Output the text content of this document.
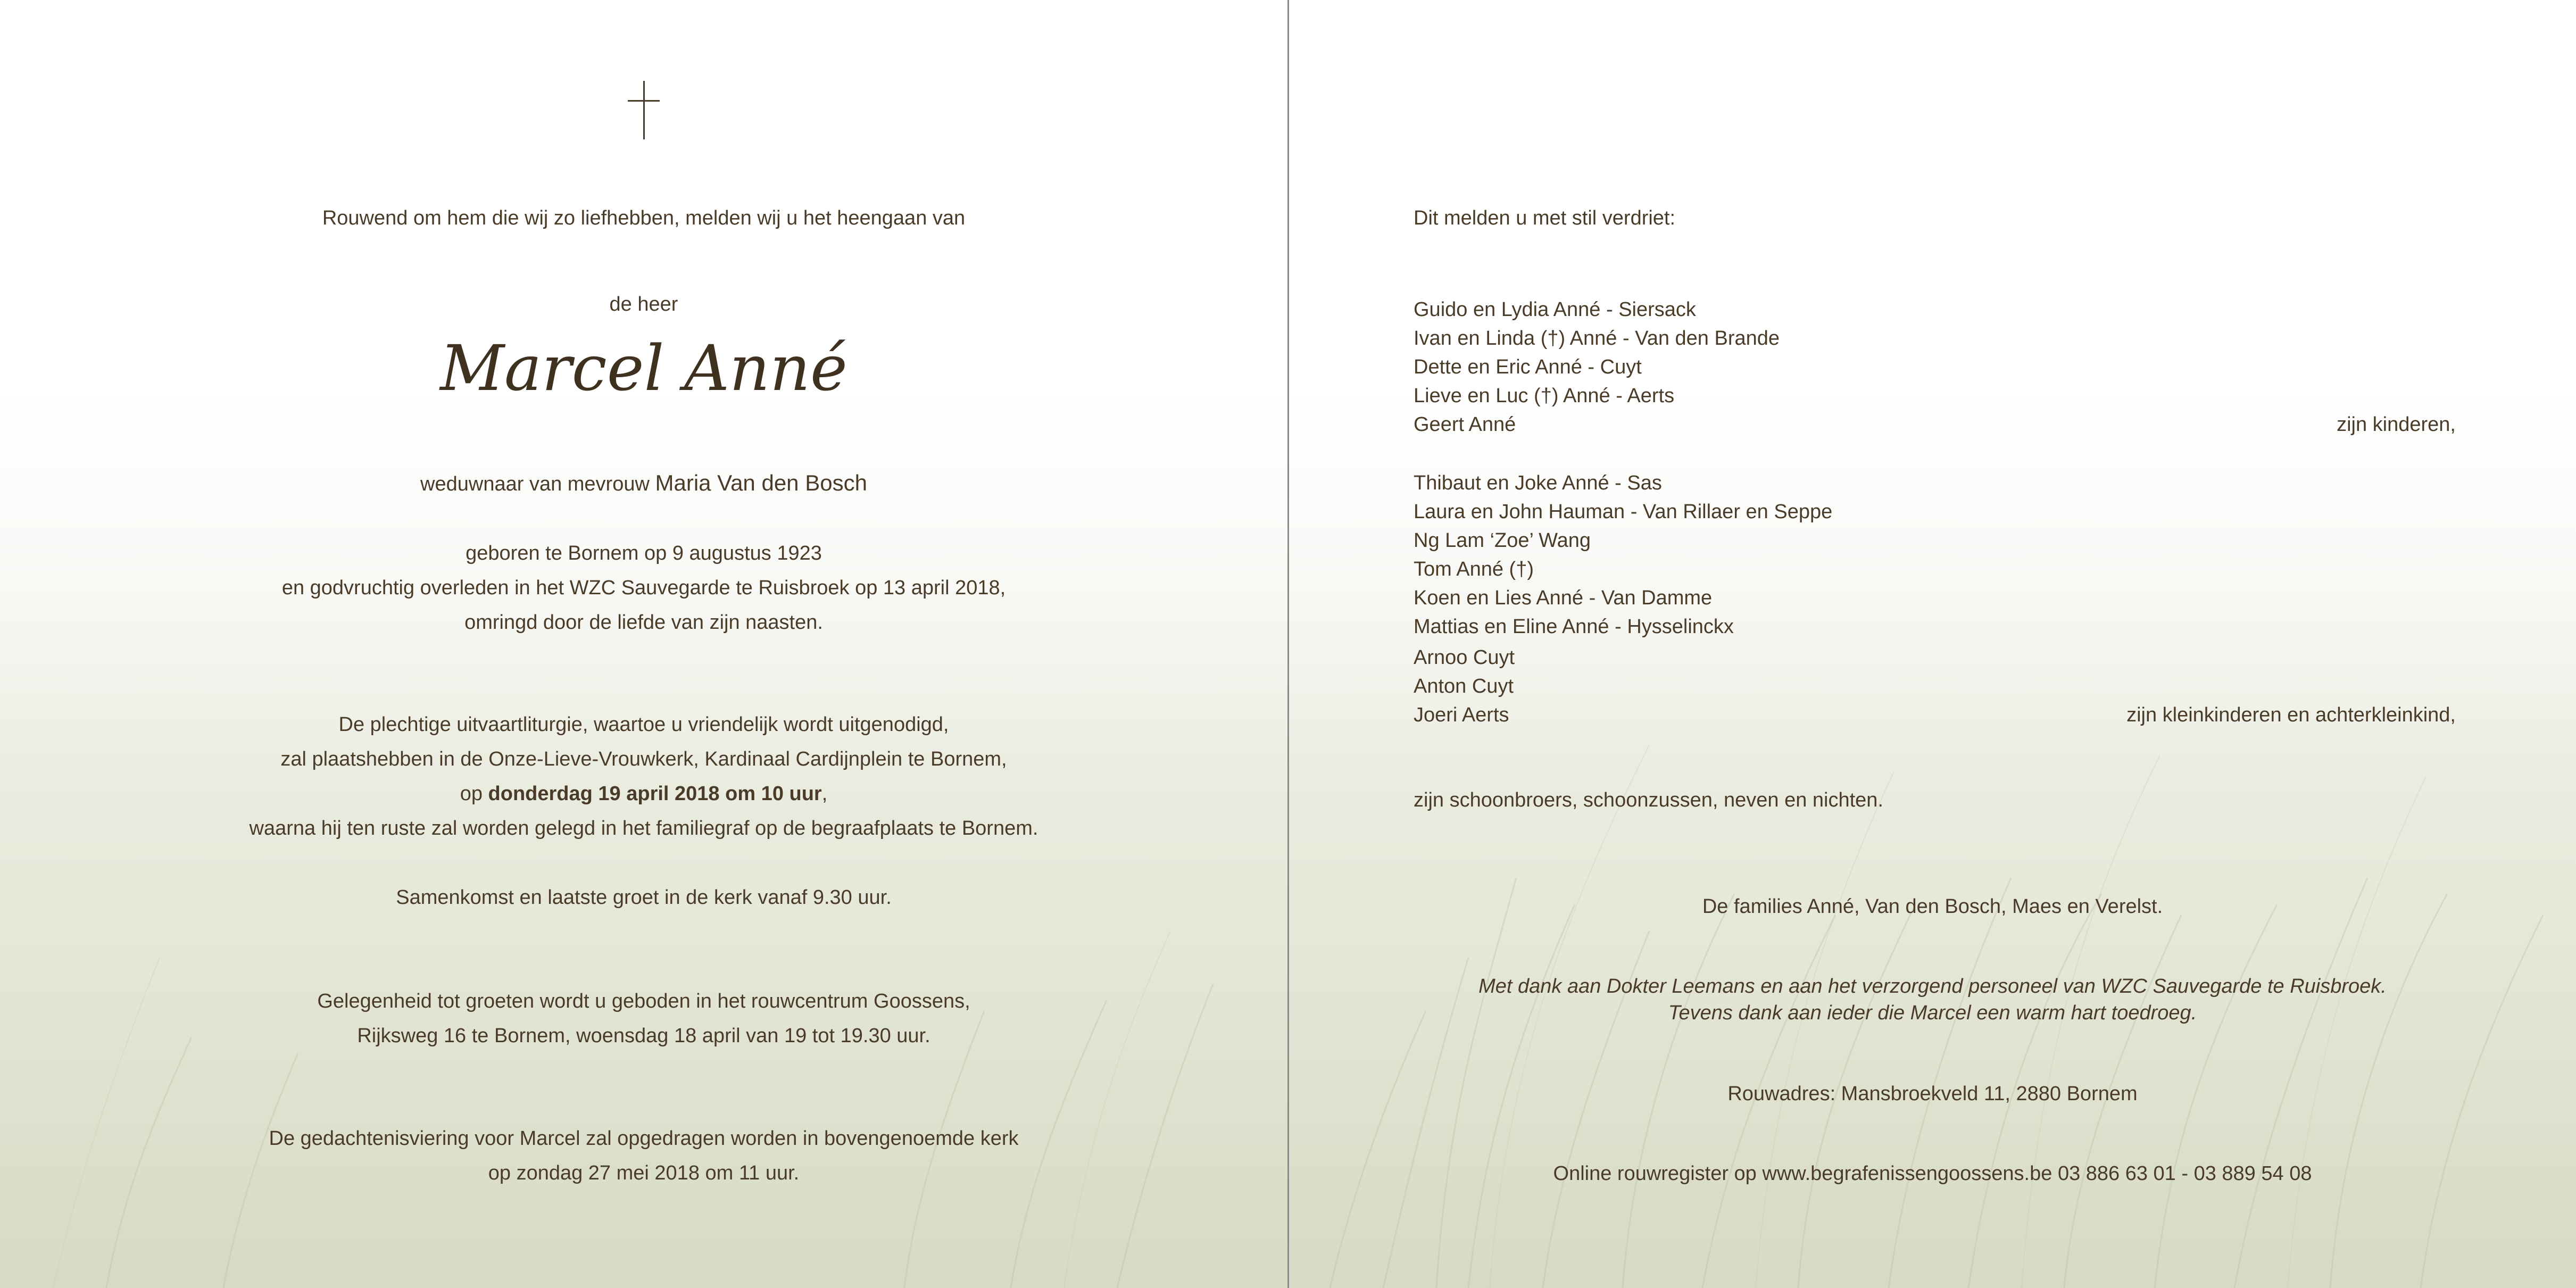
Rouwend om hem die wij zo liefhebben, melden wij u het heengaan van
de heer
Marcel Anné
weduwnaar van mevrouw Maria Van den Bosch
geboren te Bornem op 9 augustus 1923
en godvruchtig overleden in het WZC Sauvegarde te Ruisbroek op 13 april 2018,
omringd door de liefde van zijn naasten.
De plechtige uitvaartliturgie, waartoe u vriendelijk wordt uitgenodigd,
zal plaatshebben in de Onze-Lieve-Vrouwkerk, Kardinaal Cardijnplein te Bornem,
op donderdag 19 april 2018 om 10 uur,
waarna hij ten ruste zal worden gelegd in het familiegraf op de begraafplaats te Bornem.
Samenkomst en laatste groet in de kerk vanaf 9.30 uur.
Gelegenheid tot groeten wordt u geboden in het rouwcentrum Goossens,
Rijksweg 16 te Bornem, woensdag 18 april van 19 tot 19.30 uur.
De gedachtenisviering voor Marcel zal opgedragen worden in bovengenoemde kerk
op zondag 27 mei 2018 om 11 uur.
Dit melden u met stil verdriet:
Guido en Lydia Anné - Siersack
Ivan en Linda (†) Anné - Van den Brande
Dette en Eric Anné - Cuyt
Lieve en Luc (†) Anné - Aerts
Geert Anné	zijn kinderen,
Thibaut en Joke Anné - Sas
Laura en John Hauman - Van Rillaer en Seppe
Ng Lam ‘Zoe’ Wang
Tom Anné (†)
Koen en Lies Anné - Van Damme
Mattias en Eline Anné - Hysselinckx
Arnoo Cuyt
Anton Cuyt
Joeri Aerts	zijn kleinkinderen en achterkleinkind,
zijn schoonbroers, schoonzussen, neven en nichten.
De families Anné, Van den Bosch, Maes en Verelst.
Met dank aan Dokter Leemans en aan het verzorgend personeel van WZC Sauvegarde te Ruisbroek.
Tevens dank aan ieder die Marcel een warm hart toedroeg.
Rouwadres: Mansbroekveld 11, 2880 Bornem
Online rouwregister op www.begrafenissengoossens.be 03 886 63 01 - 03 889 54 08
